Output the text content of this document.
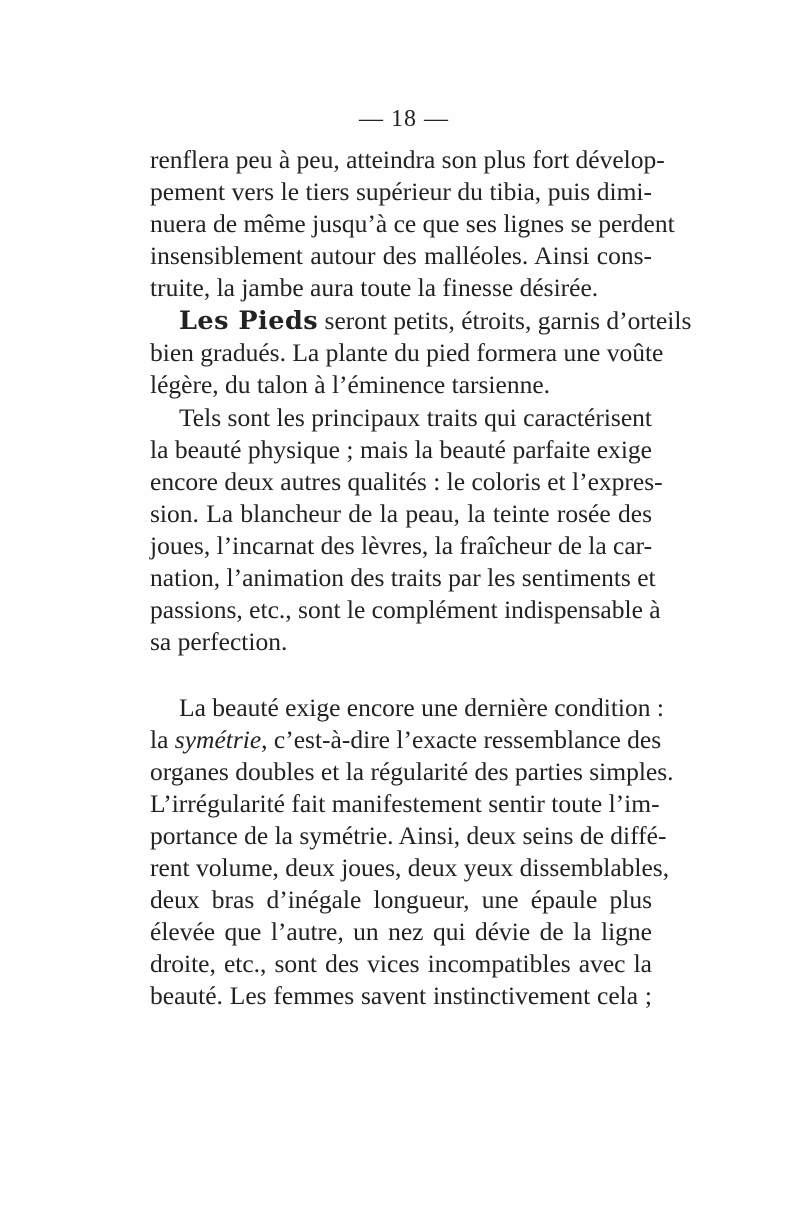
— 18 —
renflera peu à peu, atteindra son plus fort dévelop-
pement vers le tiers supérieur du tibia, puis dimi-
nuera de même jusqu’à ce que ses lignes se perdent
insensiblement autour des malléoles. Ainsi cons-
truite, la jambe aura toute la finesse désirée.
Les Pieds seront petits, étroits, garnis d’orteils
bien gradués. La plante du pied formera une voûte
légère, du talon à l’éminence tarsienne.
Tels sont les principaux traits qui caractérisent
la beauté physique ; mais la beauté parfaite exige
encore deux autres qualités : le coloris et l’expres-
sion. La blancheur de la peau, la teinte rosée des
joues, l’incarnat des lèvres, la fraîcheur de la car-
nation, l’animation des traits par les sentiments et
passions, etc., sont le complément indispensable à
sa perfection.
La beauté exige encore une dernière condition :
la symétrie, c’est-à-dire l’exacte ressemblance des
organes doubles et la régularité des parties simples.
L’irrégularité fait manifestement sentir toute l’im-
portance de la symétrie. Ainsi, deux seins de diffé-
rent volume, deux joues, deux yeux dissemblables,
deux bras d’inégale longueur, une épaule plus
élevée que l’autre, un nez qui dévie de la ligne
droite, etc., sont des vices incompatibles avec la
beauté. Les femmes savent instinctivement cela ;
